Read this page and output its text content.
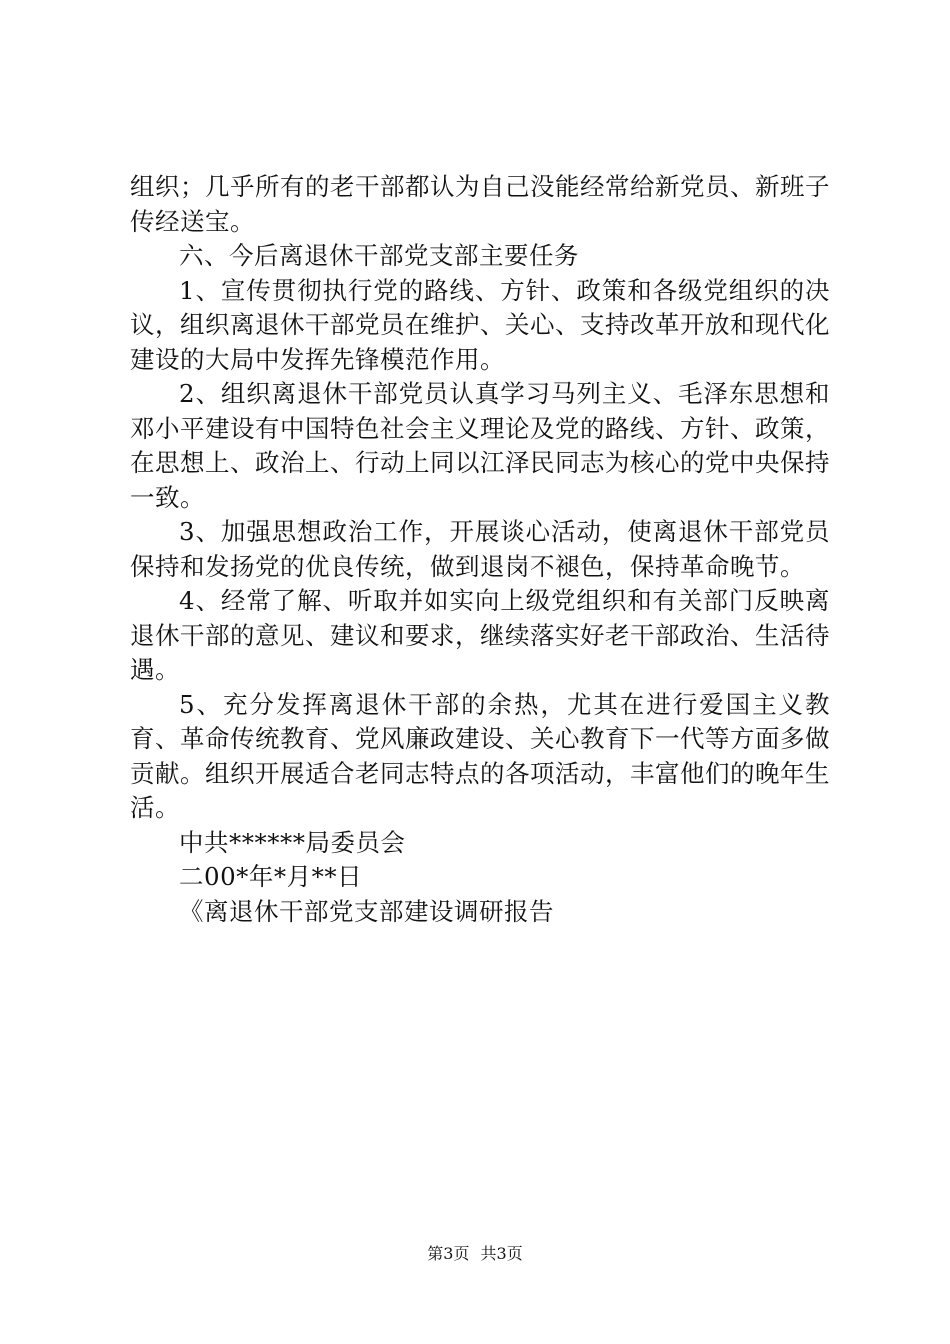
组织；几乎所有的老干部都认为自己没能经常给新党员、新班子传经送宝。

六、今后离退休干部党支部主要任务

1、宣传贯彻执行党的路线、方针、政策和各级党组织的决议，组织离退休干部党员在维护、关心、支持改革开放和现代化建设的大局中发挥先锋模范作用。

2、组织离退休干部党员认真学习马列主义、毛泽东思想和邓小平建设有中国特色社会主义理论及党的路线、方针、政策，在思想上、政治上、行动上同以江泽民同志为核心的党中央保持一致。

3、加强思想政治工作，开展谈心活动，使离退休干部党员保持和发扬党的优良传统，做到退岗不褪色，保持革命晚节。

4、经常了解、听取并如实向上级党组织和有关部门反映离退休干部的意见、建议和要求，继续落实好老干部政治、生活待遇。

5、充分发挥离退休干部的余热，尤其在进行爱国主义教育、革命传统教育、党风廉政建设、关心教育下一代等方面多做贡献。组织开展适合老同志特点的各项活动，丰富他们的晚年生活。

中共******局委员会

二00*年*月**日

《离退休干部党支部建设调研报告

第3页 共3页
